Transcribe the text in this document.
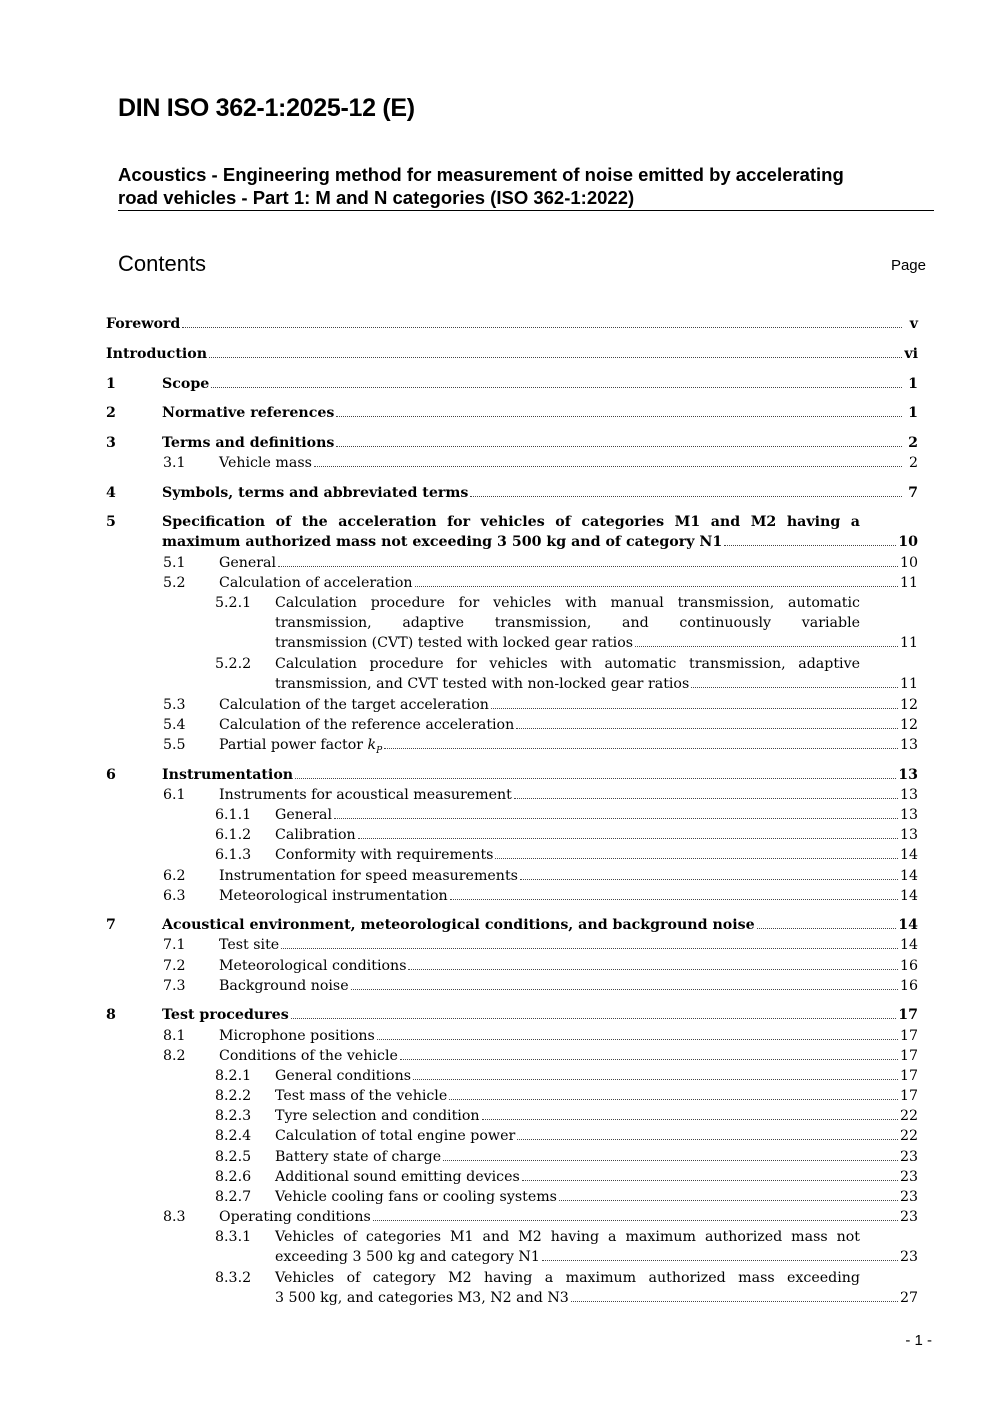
DIN ISO 362-1:2025-12 (E)
Acoustics - Engineering method for measurement of noise emitted by accelerating
road vehicles - Part 1: M and N categories (ISO 362-1:2022)
Contents	Page
Foreword	v
Introduction	vi
1	Scope	1
2	Normative references	1
3	Terms and definitions	2
3.1 Vehicle mass	2
4	Symbols, terms and abbreviated terms	7
5	Specification of the acceleration for vehicles of categories M1 and M2 having a
maximum authorized mass not exceeding 3 500 kg and of category N1	10
5.1 General	10
5.2 Calculation of acceleration	11
5.2.1 Calculation procedure for vehicles with manual transmission, automatic
transmission, adaptive transmission, and continuously variable
transmission (CVT) tested with locked gear ratios	11
5.2.2 Calculation procedure for vehicles with automatic transmission, adaptive
transmission, and CVT tested with non-locked gear ratios	11
5.3 Calculation of the target acceleration	12
5.4 Calculation of the reference acceleration	12
5.5 Partial power factor $k_P$	13
6	Instrumentation	13
6.1 Instruments for acoustical measurement	13
6.1.1 General	13
6.1.2 Calibration	13
6.1.3 Conformity with requirements	14
6.2 Instrumentation for speed measurements	14
6.3 Meteorological instrumentation	14
7	Acoustical environment, meteorological conditions, and background noise	14
7.1 Test site	14
7.2 Meteorological conditions	16
7.3 Background noise	16
8	Test procedures	17
8.1 Microphone positions	17
8.2 Conditions of the vehicle	17
8.2.1 General conditions	17
8.2.2 Test mass of the vehicle	17
8.2.3 Tyre selection and condition	22
8.2.4 Calculation of total engine power	22
8.2.5 Battery state of charge	23
8.2.6 Additional sound emitting devices	23
8.2.7 Vehicle cooling fans or cooling systems	23
8.3 Operating conditions	23
8.3.1 Vehicles of categories M1 and M2 having a maximum authorized mass not
exceeding 3 500 kg and category N1	23
8.3.2 Vehicles of category M2 having a maximum authorized mass exceeding
3 500 kg, and categories M3, N2 and N3	27
- 1 -
